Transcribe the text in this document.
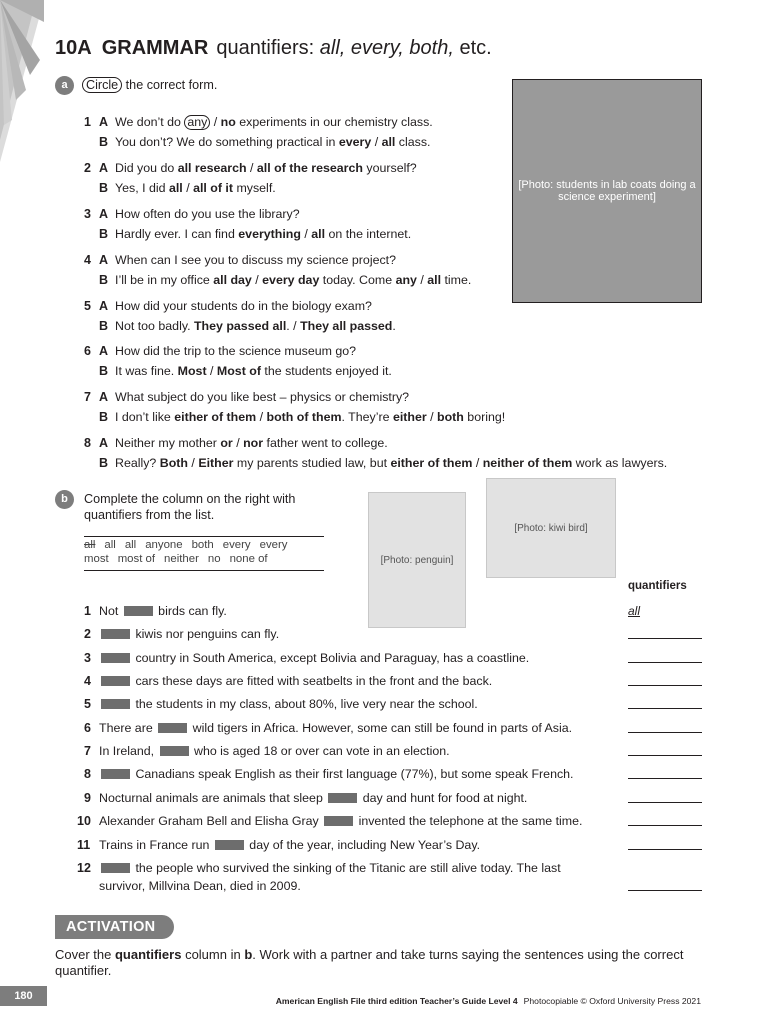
10A GRAMMAR quantifiers: all, every, both, etc.
a	Circle the correct form.
[Photo: students in lab coats doing a science experiment]
1 A
B
We don’t do any / no experiments in our chemistry class.
You don’t? We do something practical in every / all class.
2 A
B
Did you do all research / all of the research yourself?
Yes, I did all / all of it myself.
3 A
B
How often do you use the library?
Hardly ever. I can find everything / all on the internet.
4 A
B
When can I see you to discuss my science project?
I’ll be in my office all day / every day today. Come any / all time.
5 A
B
How did your students do in the biology exam?
Not too badly. They passed all. / They all passed.
6 A
B
How did the trip to the science museum go?
It was fine. Most / Most of the students enjoyed it.
7 A
B
What subject do you like best – physics or chemistry?
I don’t like either of them / both of them. They’re either / both boring!
8 A
B
Neither my mother or / nor father went to college.
Really? Both / Either my parents studied law, but either of them / neither of them work as lawyers.
b	Complete the column on the right with
quantifiers from the list.
all all all anyone both every every
most most of neither no none of	[Photo: penguin]
[Photo: kiwi bird]
quantifiers
all
1 Not	birds can fly.
2	kiwis nor penguins can fly.
3	country in South America, except Bolivia and Paraguay, has a coastline.
4	cars these days are fitted with seatbelts in the front and the back.
5	the students in my class, about 80%, live very near the school.
6 There are	wild tigers in Africa. However, some can still be found in parts of Asia.
7 In Ireland,	who is aged 18 or over can vote in an election.
8	Canadians speak English as their first language (77%), but some speak French.
9 Nocturnal animals are animals that sleep	day and hunt for food at night.
10 Alexander Graham Bell and Elisha Gray	invented the telephone at the same time.
11 Trains in France run	day of the year, including New Year’s Day.
12	the people who survived the sinking of the Titanic are still alive today. The last
survivor, Millvina Dean, died in 2009.
ACTIVATION
Cover the quantifiers column in b. Work with a partner and take turns saying the sentences using the correct quantifier.
180	American English File third edition Teacher’s Guide Level 4 Photocopiable © Oxford University Press 2021
